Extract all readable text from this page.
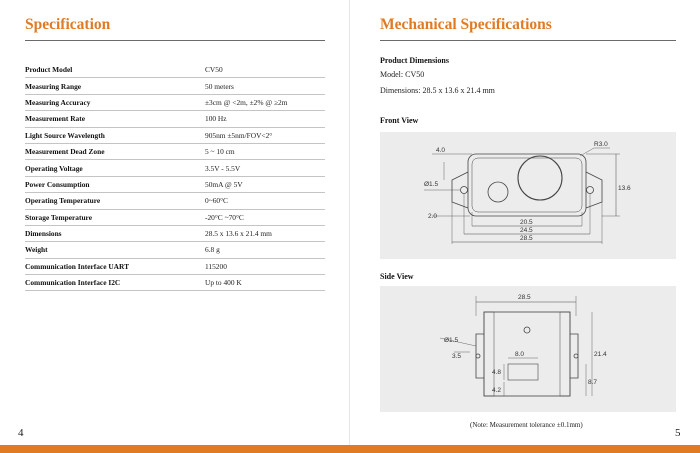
Specification
Product Model	CV50
Measuring Range	50 meters
Measuring Accuracy	±3cm @ <2m, ±2% @ ≥2m
Measurement Rate	100 Hz
Light Source Wavelength	905nm ±5nm/FOV<2°
Measurement Dead Zone	5 ~ 10 cm
Operating Voltage	3.5V - 5.5V
Power Consumption	50mA @ 5V
Operating Temperature	0~60°C
Storage Temperature	-20°C ~70°C
Dimensions	28.5 x 13.6 x 21.4 mm
Weight	6.8 g
Communication Interface UART	115200
Communication Interface I2C	Up to 400 K
4
Mechanical Specifications
Product Dimensions
Model: CV50
Dimensions: 28.5 x 13.6 x 21.4 mm
Front View
R3.0
4.0
Ø1.5
2.0
13.6
20.5
24.5
28.5
Side View
28.5
8.0
Ø1.5
3.5	21.4
8.7
4.8
4.2
(Note: Measurement tolerance ±0.1mm)
5
